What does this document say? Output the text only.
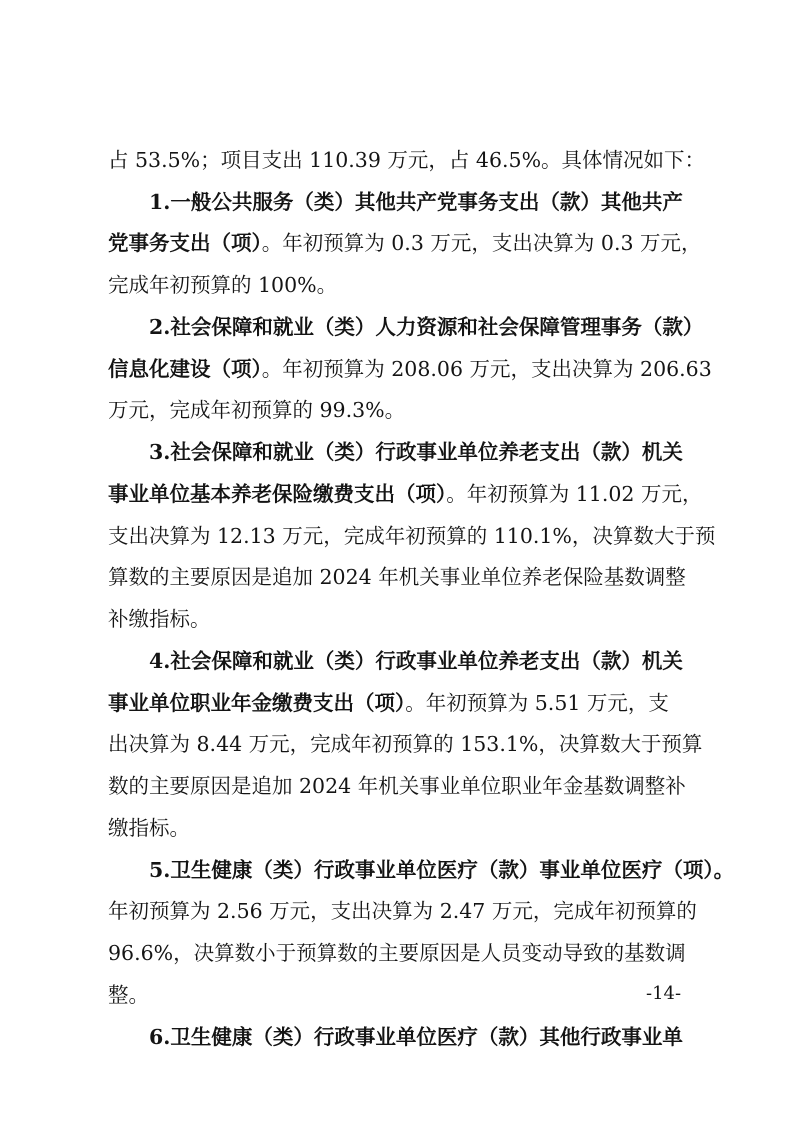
占 53.5%；项目支出 110.39 万元，占 46.5%。具体情况如下：
1.一般公共服务（类）其他共产党事务支出（款）其他共产
党事务支出（项）。年初预算为 0.3 万元，支出决算为 0.3 万元，
完成年初预算的 100%。
2.社会保障和就业（类）人力资源和社会保障管理事务（款）
信息化建设（项）。年初预算为 208.06 万元，支出决算为 206.63
万元，完成年初预算的 99.3%。
3.社会保障和就业（类）行政事业单位养老支出（款）机关
事业单位基本养老保险缴费支出（项）。年初预算为 11.02 万元，
支出决算为 12.13 万元，完成年初预算的 110.1%，决算数大于预
算数的主要原因是追加 2024 年机关事业单位养老保险基数调整
补缴指标。
4.社会保障和就业（类）行政事业单位养老支出（款）机关
事业单位职业年金缴费支出（项）。年初预算为 5.51 万元，支
出决算为 8.44 万元，完成年初预算的 153.1%，决算数大于预算
数的主要原因是追加 2024 年机关事业单位职业年金基数调整补
缴指标。
5.卫生健康（类）行政事业单位医疗（款）事业单位医疗（项）。
年初预算为 2.56 万元，支出决算为 2.47 万元，完成年初预算的
96.6%，决算数小于预算数的主要原因是人员变动导致的基数调
整。
6.卫生健康（类）行政事业单位医疗（款）其他行政事业单
-14-
